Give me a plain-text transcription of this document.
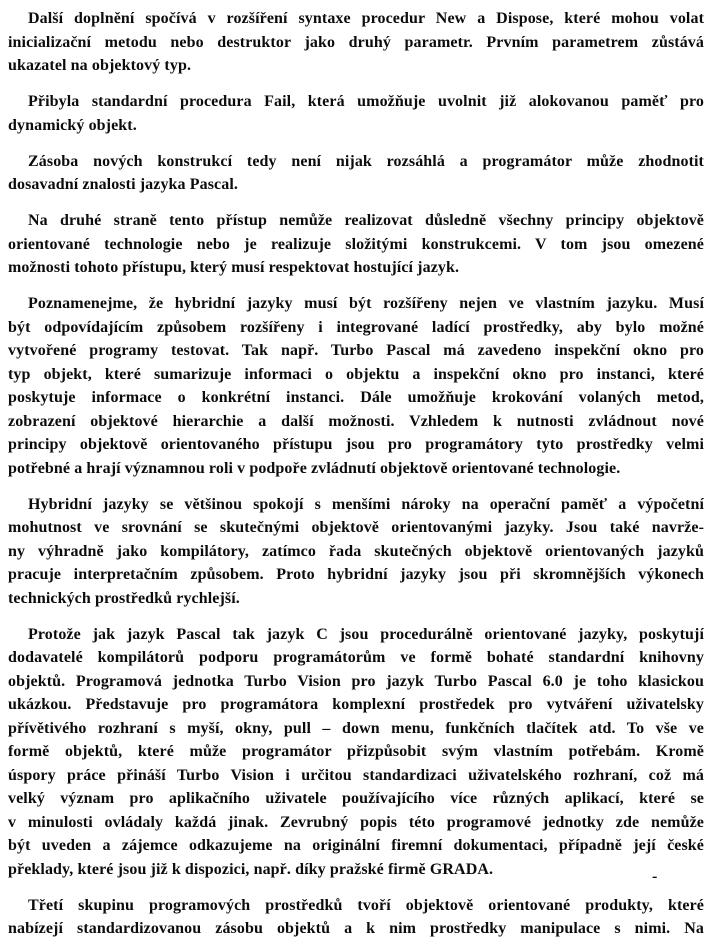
Další doplnění spočívá v rozšíření syntaxe procedur New a Dispose, které mohou volat
inicializační metodu nebo destruktor jako druhý parametr. Prvním parametrem zůstává
ukazatel na objektový typ.
Přibyla standardní procedura Fail, která umožňuje uvolnit již alokovanou paměť pro
dynamický objekt.
Zásoba nových konstrukcí tedy není nijak rozsáhlá a programátor může zhodnotit
dosavadní znalosti jazyka Pascal.
Na druhé straně tento přístup nemůže realizovat důsledně všechny principy objektově
orientované technologie nebo je realizuje složitými konstrukcemi. V tom jsou omezené
možnosti tohoto přístupu, který musí respektovat hostující jazyk.
Poznamenejme, že hybridní jazyky musí být rozšířeny nejen ve vlastním jazyku. Musí
být odpovídajícím způsobem rozšířeny i integrované ladící prostředky, aby bylo možné
vytvořené programy testovat. Tak např. Turbo Pascal má zavedeno inspekční okno pro
typ objekt, které sumarizuje informaci o objektu a inspekční okno pro instanci, které
poskytuje informace o konkrétní instanci. Dále umožňuje krokování volaných metod,
zobrazení objektové hierarchie a další možnosti. Vzhledem k nutnosti zvládnout nové
principy objektově orientovaného přístupu jsou pro programátory tyto prostředky velmi
potřebné a hrají významnou roli v podpoře zvládnutí objektově orientované technologie.
Hybridní jazyky se většinou spokojí s menšími nároky na operační paměť a výpočetní
mohutnost ve srovnání se skutečnými objektově orientovanými jazyky. Jsou také navrže-
ny výhradně jako kompilátory, zatímco řada skutečných objektově orientovaných jazyků
pracuje interpretačním způsobem. Proto hybridní jazyky jsou při skromnějších výkonech
technických prostředků rychlejší.
Protože jak jazyk Pascal tak jazyk C jsou procedurálně orientované jazyky, poskytují
dodavatelé kompilátorů podporu programátorům ve formě bohaté standardní knihovny
objektů. Programová jednotka Turbo Vision pro jazyk Turbo Pascal 6.0 je toho klasickou
ukázkou. Představuje pro programátora komplexní prostředek pro vytváření uživatelsky
přívětivého rozhraní s myší, okny, pull – down menu, funkčních tlačítek atd. To vše ve
formě objektů, které může programátor přizpůsobit svým vlastním potřebám. Kromě
úspory práce přináší Turbo Vision i určitou standardizaci uživatelského rozhraní, což má
velký význam pro aplikačního uživatele používajícího více různých aplikací, které se
v minulosti ovládaly každá jinak. Zevrubný popis této programové jednotky zde nemůže
být uveden a zájemce odkazujeme na originální firemní dokumentaci, případně její české
překlady, které jsou již k dispozici, např. díky pražské firmě GRADA.
Třetí skupinu programových prostředků tvoří objektově orientované produkty, které
nabízejí standardizovanou zásobu objektů a k nim prostředky manipulace s nimi. Na
-
